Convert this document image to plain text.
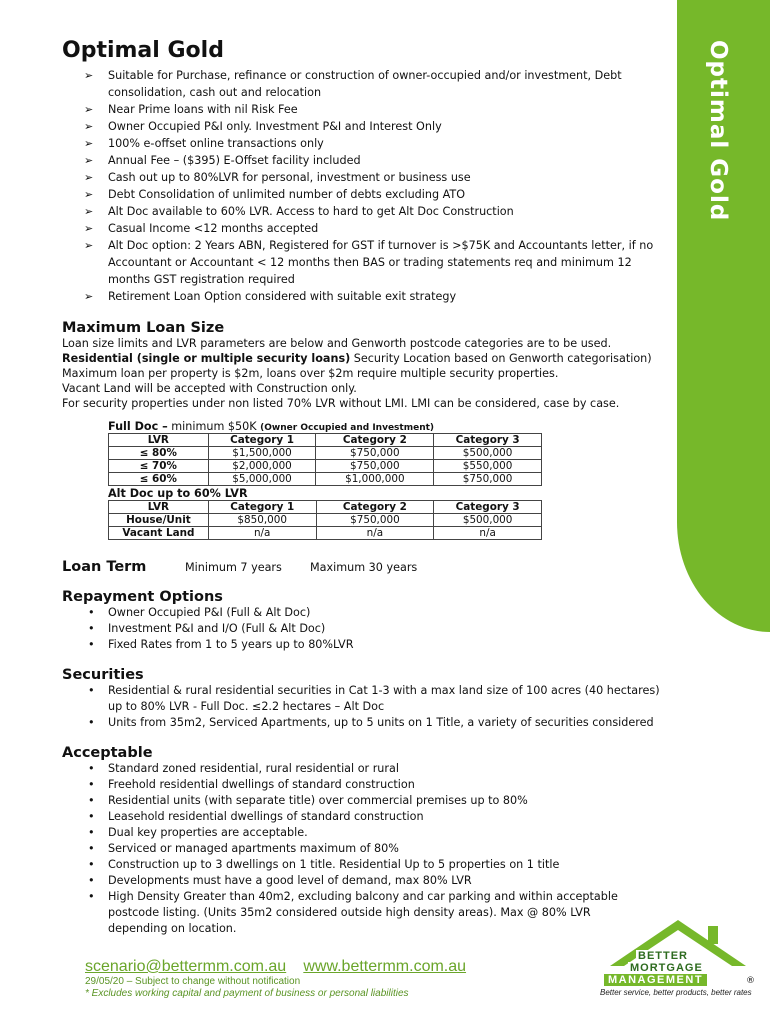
Optimal Gold
Optimal Gold
➢ Suitable for Purchase, refinance or construction of owner-occupied and/or investment, Debt consolidation, cash out and relocation
➢ Near Prime loans with nil Risk Fee
➢ Owner Occupied P&I only. Investment P&I and Interest Only
➢ 100% e-offset online transactions only
➢ Annual Fee – ($395) E-Offset facility included
➢ Cash out up to 80%LVR for personal, investment or business use
➢ Debt Consolidation of unlimited number of debts excluding ATO
➢ Alt Doc available to 60% LVR. Access to hard to get Alt Doc Construction
➢ Casual Income <12 months accepted
➢ Alt Doc option: 2 Years ABN, Registered for GST if turnover is >$75K and Accountants letter, if no Accountant or Accountant < 12 months then BAS or trading statements req and minimum 12 months GST registration required
➢ Retirement Loan Option considered with suitable exit strategy
Maximum Loan Size

Loan size limits and LVR parameters are below and Genworth postcode categories are to be used.

Residential (single or multiple security loans) Security Location based on Genworth categorisation)

Maximum loan per property is $2m, loans over $2m require multiple security properties.

Vacant Land will be accepted with Construction only.

For security properties under non listed 70% LVR without LMI. LMI can be considered, case by case.

Full Doc – minimum $50K (Owner Occupied and Investment)
LVR	Category 1	Category 2	Category 3
≤ 80%	$1,500,000	$750,000	$500,000
≤ 70%	$2,000,000	$750,000	$550,000
≤ 60%	$5,000,000	$1,000,000	$750,000
Alt Doc up to 60% LVR
LVR	Category 1	Category 2	Category 3
House/Unit	$850,000	$750,000	$500,000
Vacant Land	n/a	n/a	n/a
Loan Term	Minimum 7 years	Maximum 30 years
Repayment Options
• Owner Occupied P&I (Full & Alt Doc)
• Investment P&I and I/O (Full & Alt Doc)
• Fixed Rates from 1 to 5 years up to 80%LVR
Securities
• Residential & rural residential securities in Cat 1-3 with a max land size of 100 acres (40 hectares) up to 80% LVR - Full Doc. ≤2.2 hectares – Alt Doc
• Units from 35m2, Serviced Apartments, up to 5 units on 1 Title, a variety of securities considered
Acceptable
• Standard zoned residential, rural residential or rural
• Freehold residential dwellings of standard construction
• Residential units (with separate title) over commercial premises up to 80%
• Leasehold residential dwellings of standard construction
• Dual key properties are acceptable.
• Serviced or managed apartments maximum of 80%
• Construction up to 3 dwellings on 1 title. Residential Up to 5 properties on 1 title
• Developments must have a good level of demand, max 80% LVR
• High Density Greater than 40m2, excluding balcony and car parking and within acceptable postcode listing. (Units 35m2 considered outside high density areas). Max @ 80% LVR depending on location.
scenario@bettermm.com.au www.bettermm.com.au
29/05/20 – Subject to change without notification
* Excludes working capital and payment of business or personal liabilities
BETTER
MORTGAGE
MANAGEMENT	®
Better service, better products, better rates
